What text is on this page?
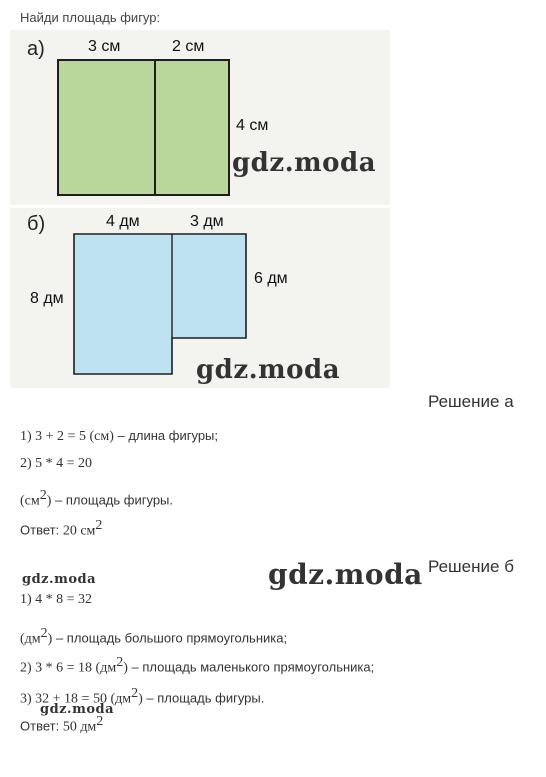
Найди площадь фигур:
а)	3 см	2 см
4 см
gdz.moda
б)	4 дм	3 дм
8 дм
6 дм
gdz.moda
Решение а
1) 3 + 2 = 5 (см) – длина фигуры;
2) 5 * 4 = 20
$(см^2)$ – площадь фигуры.
Ответ: 20 $см^2$
gdz.moda Решение б
gdz.moda
1) 4 * 8 = 32
$(дм^2)$ – площадь большого прямоугольника;
2) 3 * 6 = 18 $(дм^2)$ – площадь маленького прямоугольника;
3) 32 + 18 = 50 $(дм^2)$ – площадь фигуры.
gdz.moda
Ответ: 50 $дм^2$
